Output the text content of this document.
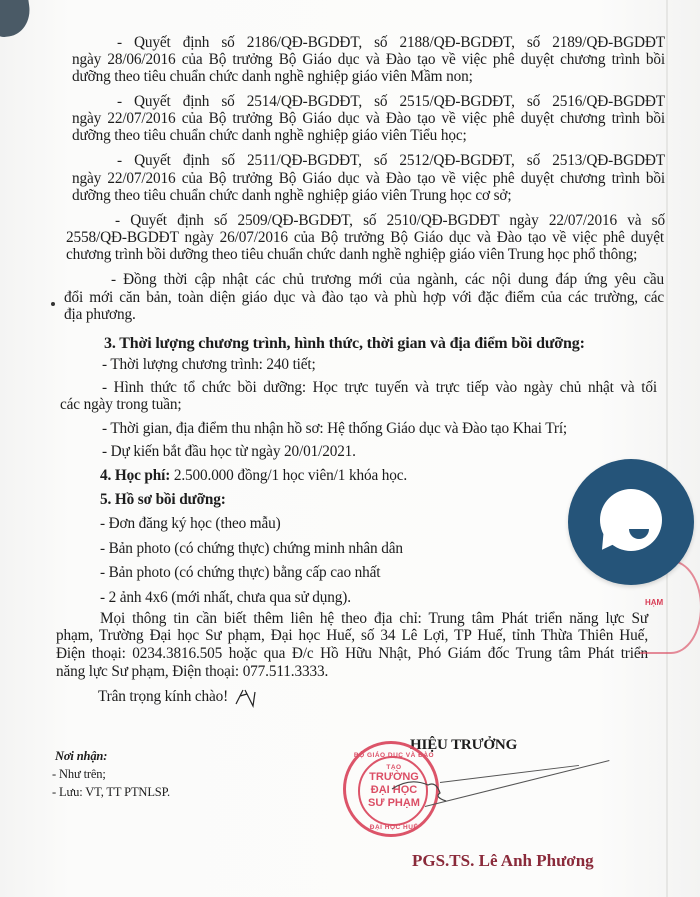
- Quyết định số 2186/QĐ-BGDĐT, số 2188/QĐ-BGDĐT, số 2189/QĐ-BGDĐT
ngày 28/06/2016 của Bộ trưởng Bộ Giáo dục và Đào tạo về việc phê duyệt chương trình bồi
dưỡng theo tiêu chuẩn chức danh nghề nghiệp giáo viên Mầm non;
- Quyết định số 2514/QĐ-BGDĐT, số 2515/QĐ-BGDĐT, số 2516/QĐ-BGDĐT
ngày 22/07/2016 của Bộ trưởng Bộ Giáo dục và Đào tạo về việc phê duyệt chương trình bồi
dưỡng theo tiêu chuẩn chức danh nghề nghiệp giáo viên Tiểu học;
- Quyết định số 2511/QĐ-BGDĐT, số 2512/QĐ-BGDĐT, số 2513/QĐ-BGDĐT
ngày 22/07/2016 của Bộ trưởng Bộ Giáo dục và Đào tạo về việc phê duyệt chương trình bồi
dưỡng theo tiêu chuẩn chức danh nghề nghiệp giáo viên Trung học cơ sở;
- Quyết định số 2509/QĐ-BGDĐT, số 2510/QĐ-BGDĐT ngày 22/07/2016 và số
2558/QĐ-BGDĐT ngày 26/07/2016 của Bộ trưởng Bộ Giáo dục và Đào tạo về việc phê duyệt
chương trình bồi dưỡng theo tiêu chuẩn chức danh nghề nghiệp giáo viên Trung học phổ thông;
- Đồng thời cập nhật các chủ trương mới của ngành, các nội dung đáp ứng yêu cầu
đổi mới căn bản, toàn diện giáo dục và đào tạo và phù hợp với đặc điểm của các trường, các
địa phương.
3. Thời lượng chương trình, hình thức, thời gian và địa điểm bồi dưỡng:
- Thời lượng chương trình: 240 tiết;
- Hình thức tổ chức bồi dưỡng: Học trực tuyến và trực tiếp vào ngày chủ nhật và tối
các ngày trong tuần;
- Thời gian, địa điểm thu nhận hồ sơ: Hệ thống Giáo dục và Đào tạo Khai Trí;
- Dự kiến bắt đầu học từ ngày 20/01/2021.
4. Học phí: 2.500.000 đồng/1 học viên/1 khóa học.
5. Hồ sơ bồi dưỡng:
- Đơn đăng ký học (theo mẫu)
- Bản photo (có chứng thực) chứng minh nhân dân
- Bản photo (có chứng thực) bằng cấp cao nhất
- 2 ảnh 4x6 (mới nhất, chưa qua sử dụng).
Mọi thông tin cần biết thêm liên hệ theo địa chỉ: Trung tâm Phát triển năng lực Sư
phạm, Trường Đại học Sư phạm, Đại học Huế, số 34 Lê Lợi, TP Huế, tỉnh Thừa Thiên Huế,
Điện thoại: 0234.3816.505 hoặc qua Đ/c Hồ Hữu Nhật, Phó Giám đốc Trung tâm Phát triển
năng lực Sư phạm, Điện thoại: 077.511.3333.
Trân trọng kính chào!
Nơi nhận:
- Như trên;
- Lưu: VT, TT PTNLSP.
HIỆU TRƯỞNG
BỘ GIÁO DỤC VÀ ĐÀO TẠO
TRƯỜNG
ĐẠI HỌC
SƯ PHẠM
ĐẠI HỌC HUẾ
PGS.TS. Lê Anh Phương
HẠM
